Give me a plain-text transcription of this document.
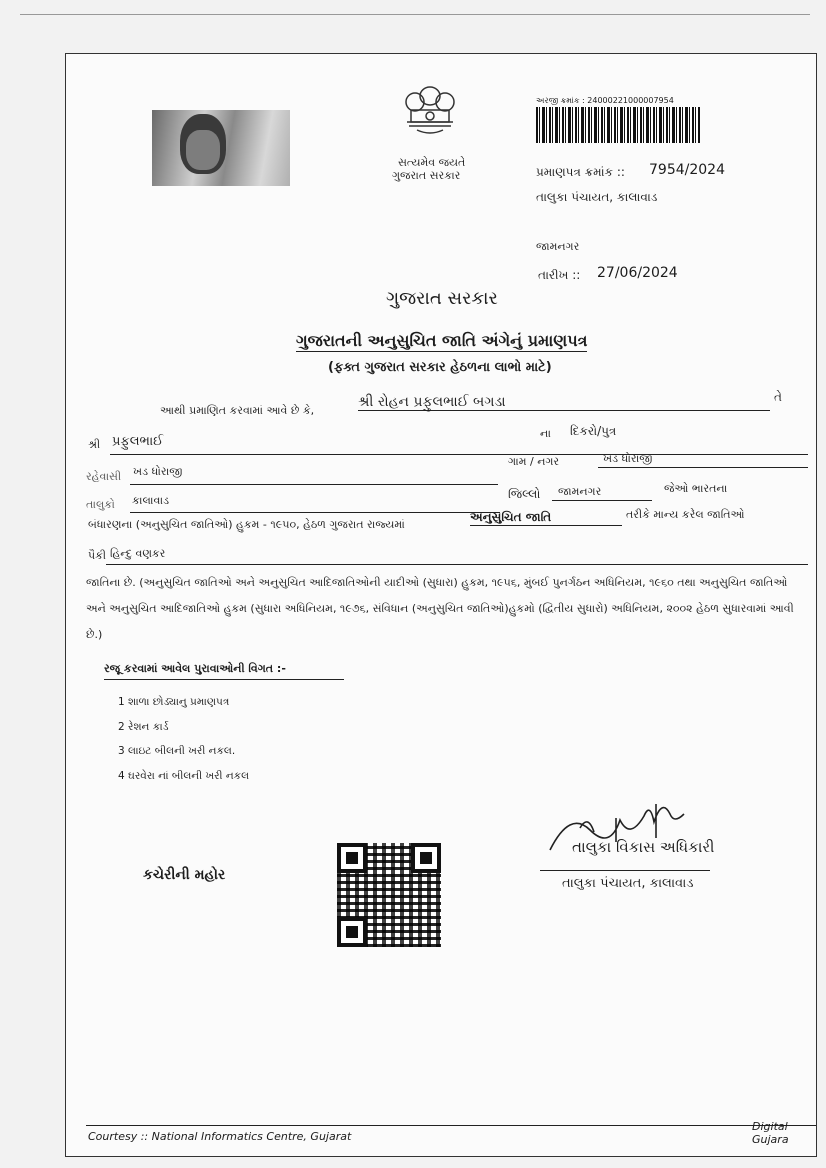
સત્યમેવ જયતે
ગુજરાત સરકાર
અરજી ક્રમાંક : 24000221000007954
પ્રમાણપત્ર ક્રમાંક :: 7954/2024
તાલુકા પંચાયત, કાલાવાડ
જામનગર
તારીખ :: 27/06/2024
ગુજરાત સરકાર
ગુજરાતની અનુસુચિત જાતિ અંગેનું પ્રમાણપત્ર
(ફક્ત ગુજરાત સરકાર હેઠળના લાભો માટે)
આથી પ્રમાણિત કરવામાં આવે છે કે,
શ્રી રોહન પ્રફુલભાઈ બગડા	તે
શ્રી પ્રફુલભાઈ
ના દિકરો/પુત્ર
રહેવાસી ખડ ધોરાજી
ગામ / નગર	ખડ ધોરાજી
તાલુકો કાલાવાડ	જિલ્લો જામનગર	જેઓ ભારતના
બંધારણના (અનુસુચિત જાતિઓ) હુકમ - ૧૯૫૦, હેઠળ ગુજરાત રાજ્યમાં
અનુસુચિત જાતિ	તરીકે માન્ય કરેલ જાતિઓ
પૈકી હિન્દુ વણકર
જાતિના છે. (અનુસુચિત જાતિઓ અને અનુસુચિત આદિજાતિઓની યાદીઓ (સુધારા) હુકમ, ૧૯૫૬, મુંબઈ પુનર્ગઠન અધિનિયમ, ૧૯૬૦ તથા અનુસુચિત જાતિઓ અને અનુસુચિત આદિજાતિઓ હુકમ (સુધારા અધિનિયમ, ૧૯૭૬, સંવિધાન (અનુસુચિત જાતિઓ)હુકમો (દ્વિતીય સુધારો) અધિનિયમ, ૨૦૦૨ હેઠળ સુધારવામાં આવી છે.)
રજૂ કરવામાં આવેલ પુરાવાઓની વિગત :-
1 શાળા છોડ્યાનુ પ્રમાણપત્ર
2 રેશન કાર્ડ
3 લાઇટ બીલની ખરી નકલ.
4 ઘરવેરા નાં બીલની ખરી નકલ
કચેરીની મહોર
તાલુકા વિકાસ અધિકારી
તાલુકા પંચાયત, કાલાવાડ
Courtesy :: National Informatics Centre, Gujarat
Digital Gujara
